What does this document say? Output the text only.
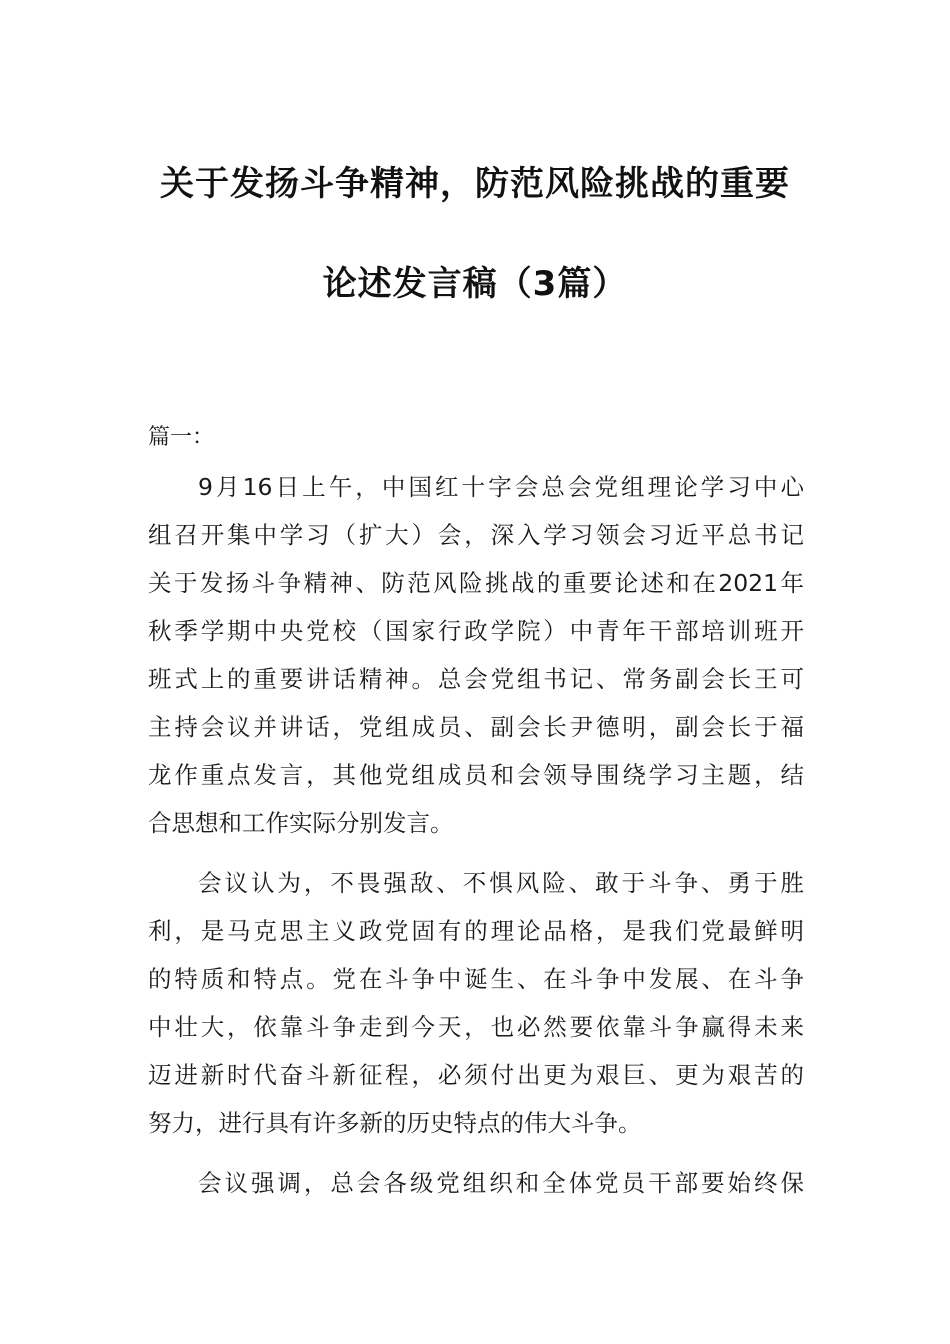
关于发扬斗争精神，防范风险挑战的重要
论述发言稿（3篇）
篇一：
9月16日上午，中国红十字会总会党组理论学习中心
组召开集中学习（扩大）会，深入学习领会习近平总书记
关于发扬斗争精神、防范风险挑战的重要论述和在2021年
秋季学期中央党校（国家行政学院）中青年干部培训班开
班式上的重要讲话精神。总会党组书记、常务副会长王可
主持会议并讲话，党组成员、副会长尹德明，副会长于福
龙作重点发言，其他党组成员和会领导围绕学习主题，结
合思想和工作实际分别发言。
会议认为，不畏强敌、不惧风险、敢于斗争、勇于胜
利，是马克思主义政党固有的理论品格，是我们党最鲜明
的特质和特点。党在斗争中诞生、在斗争中发展、在斗争
中壮大，依靠斗争走到今天，也必然要依靠斗争赢得未来
迈进新时代奋斗新征程，必须付出更为艰巨、更为艰苦的
努力，进行具有许多新的历史特点的伟大斗争。
会议强调，总会各级党组织和全体党员干部要始终保
